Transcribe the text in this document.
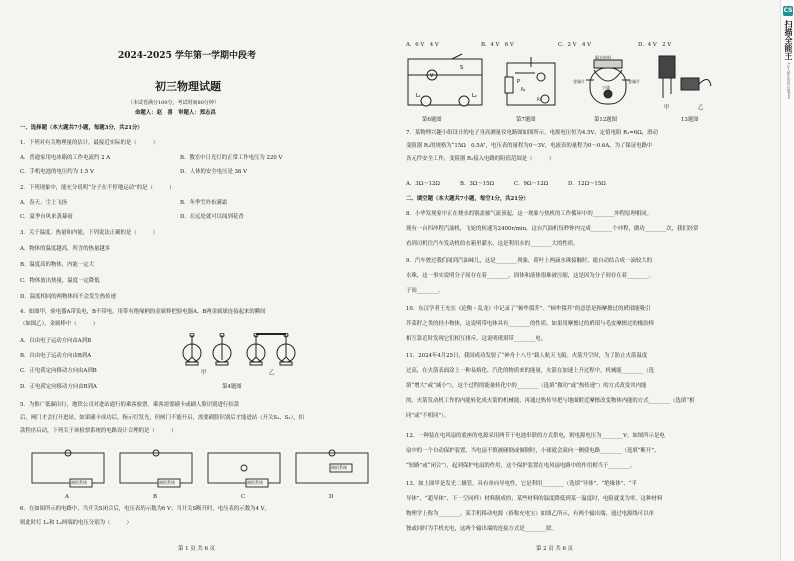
2024-2025 学年第一学期中段考
初三物理试题
（本试卷满分100分，考试时间80分钟）
命题人：赵　喜　审题人：郑志昌
一、选择题（本大题共7小题，每题3分，共21分）
1．下列对有关物理量的估计，最接近实际的是（　　　）
A．普通家用电冰箱的工作电流约 2 A	B．教室中日光灯的正常工作电压为 220 V
C．手机电池的电压约为 1.5 V	D．人体的安全电压是 36 V
2．下列现象中，能充分说明“分子在不停地运动”的是（　　　）
A．春天，尘土飞扬	B．冬季雪外布满霜
C．夏季台风来袭暴雨	D．在远处就可以闻到花香
3．关于温度、热量和内能，下列说法正确的是（　　　）
A．物体的温度越高，所含的热量越多
B．温度高的物体，内能一定大
C．物体放出热量，温度一定降低
D．温度相同的两物体间不会发生热传递
4．如图甲，验电器A带负电，B不带电。用带有绝缘柄的金属棒把验电器A、B两金属球连接起来的瞬间
（如图乙），金属棒中（　　　）
A．自由电子运动方向由A到B
B．自由电子运动方向由B到A
C．正电荷定向移动方向由A到B
D．正电荷定向移动方向由B到A
甲	乙
第4题图
5．为推广低碳出行，地铁公司对进站通行的乘客验票。乘客需要刷卡或刷人脸识别进行扣款
后，闸门才会打开进站。如果刷卡成功后，指示灯发光，但闸门不能开启，需要刷脸识别后才能进站（开关S₁、S₂），扣
款程序启动，下列关于该检票系统的电路设计合理的是（　　　）
闸机系统	闸机系统	闸机系统
闸机系统
A	B	C	D
6．在如图所示的电路中，当开关S闭合后，电压表的示数为6 V；当开关S断开时，电压表的示数为4 V，
则此时灯 L₁和 L₂两端的电压分别为（　　　）
第 1 页 共 6 页
A．6 V　4 V	B．4 V　6 V	C．2 V　4 V	D．4 V　2 V
V
S
L₁	L₂
第6题图
P
R₂
R₁
第7题图
隔水材料
金属片	金属片
小球
第12题图
甲	乙
13题图
7．某物理兴趣小组设计的电子身高测量仪电路图如图所示，电源电压恒为4.5V，定值电阻 R₁=6Ω，滑动
变阻器 R₂的规格为“15Ω　0.5A”，电压表的量程为0～3V，电流表的量程为0～0.6A，为了保证电路中
各元件安全工作，变阻器 R₂接入电路的阻值范围是（　　　）
A．3Ω～12Ω	B．3Ω～15Ω	C．9Ω～12Ω	D．12Ω～15Ω
二、填空题（本大题共7小题，每空1分，共21分）
8．小华发现家中正在烧水的锅盖被气流顶起，这一现象与热机的工作循环中的________冲程原理相同。
现有一台四冲程汽油机，飞轮的转速为2400r/min，这台汽油机每秒钟内完成________个冲程，做功________次，我们经常
看到司机往汽车发动机的水箱里灌水，这是利用水的________大的性质。
9．汽车驶过我们闻到汽油味儿，这是________现象，荷叶上两滴水珠接触时，能自动结合成一滴较大的
水珠，这一事实说明分子间存在着________，固体和液体很难被压缩，这是因为分子间存在着________。
子间________。
10．东汉学者王充在《论衡・乱龙》中记录了“顿牟掇芥”。“顿牟掇芥”的意思是指摩擦过的玳瑁能吸引
芥菜籽之类的轻小物体，这说明带电体具有________的性质。如果用摩擦过的玳瑁与毛皮摩擦过的橡胶棒
相互靠近时发现它们相互排斥，这说明玳瑁带________电。
11．2024年4月25日，我国成功发射了“神舟十八号”载人航天飞船。火箭升空时，为了防止火箭温度
过高，在火箭表面涂上一种易熔化、汽化的物质来的能量，火箭在加速上升过程中，机械能________（选
填“增大”或“减小”），这个过程的能量转化中的________（选填“做功”或“热传递”）的方式改变其内能
的。火箭发动机工作的内能转化成火箭的机械能，再通过热传导把与地面附近摩擦改变物体内能的方式________（选填“相
同”或“不相同”）。
12．一种装在电风扇的底座的电源采用两节干电池串联的方式供电，则电源电压为________V。如图所示是电
扇中的一个自动保护装置，当电扇不慎被碰倒或倾倒时，小球就会滚向一侧使电路________（选填“断开”、
“短路”或“闭合”），起到保护电扇的作用，这个保护装置在电风扇电路中的作用相当于________。
13．如上图甲是发光二极管，具有单向导电性，它是利用________（选填“导体”、“绝缘体”、“半
导体”、“超导体”、下一空同样）材料制成的；某些材料的温度降低到某一温度时，电阻就变为零，这种材料
物理学上称为________。某手机移动电源（俗称充电宝）如图乙所示，有两个输出端，通过电源线可以单
独或同时为手机充电，这两个输出端的连接方式是________联。
第 2 页 共 6 页
CS
扫描全能王
3亿人都在用的扫描App
